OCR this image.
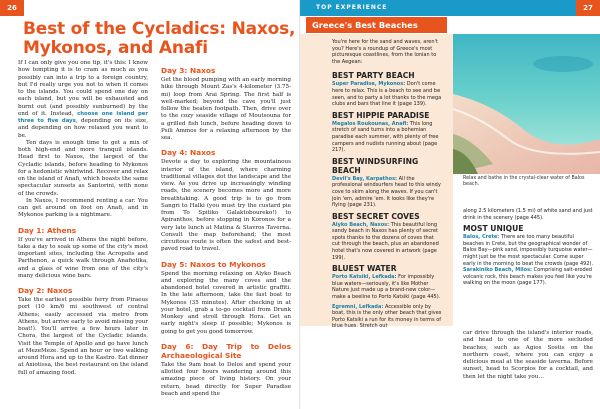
26
Best of the Cycladics: Naxos, Mykonos, and Anafi

If I can only give you one tip, it's this: I know how tempting it is to cram as much as you possibly can into a trip to a foreign country, but I'd really urge you not to when it comes to the islands. You could spend one day on each island, but you will be exhausted and burnt out (and possibly sunburned) by the end of it. Instead, choose one island per three to five days, depending on its size, and depending on how relaxed you want to be.

Ten days is enough time to get a mix of both high-end and more tranquil islands. Head first to Naxos, the largest of the Cycladic islands, before heading to Mykonos for a hedonistic whirlwind. Recover and relax on the island of Anafi, which boasts the same spectacular sunsets as Santorini, with none of the crowds.

In Naxos, I recommend renting a car. You can get around on foot on Anafi, and in Mykonos parking is a nightmare.

Day 1: Athens

If you've arrived in Athens the night before, take a day to soak up some of the city's most important sites, including the Acropolis and Parthenon, a quick walk through Anafiotika, and a glass of wine from one of the city's many delicious wine bars.

Day 2: Naxos

Take the earliest possible ferry from Piraeus port (10 km/6 mi southwest of central Athens; easily accessed via metro from Athens, but arrive early to avoid missing your boat!). You'll arrive a few hours later in Chora, the largest of the Cycladic islands. Visit the Temple of Apollo and go have lunch at MezeMeze. Spend an hour or two walking around Hora and up to the Kastro. Eat dinner at Axiotissa, the best restaurant on the island full of amazing food.

Day 3: Naxos

Get the blood pumping with an early morning hike through Mount Zas's 4-kilometer (3.75-mi) loop from Arai Spring. The first half is well-marked; beyond the cave you'll just follow the beaten footpath. Then, drive over to the cozy seaside village of Moutsouna for a grilled fish lunch, before heading down to Psili Ammos for a relaxing afternoon by the sea.

Day 4: Naxos

Devote a day to exploring the mountainous interior of the island, where charming traditional villages dot the landscape and the view. As you drive up increasingly winding roads, the scenery becomes more and more breathtaking. A good trip is to go from Sangri to Halki (you must try the custard pie from To Spitiko Galaktoboureko!) to Apiranthos, before stopping in Koronos for a very late lunch at Matina & Stavros Taverna. Consult the map beforehand; the most circuitous route is often the safest and best-paved road to travel.

Day 5: Naxos to Mykonos

Spend the morning relaxing on Alyko Beach and exploring the many coves and the abandoned hotel covered in artistic graffiti. In the late afternoon, take the fast boat to Mykonos (35 minutes). After checking in at your hotel, grab a to-go cocktail from Drunk Monkey and stroll through Hora. Get an early night's sleep if possible; Mykonos is going to get you good tomorrow.

Day 6: Day Trip to Delos Archaeological Site

Take the 9am boat to Delos and spend your allotted four hours wandering around this amazing piece of living history. On your return, head directly for Super Paradise beach and spend the

TOP EXPERIENCE	27
Greece's Best Beaches
You're here for the sand and waves, aren't you? Here's a roundup of Greece's most picturesque coastlines, from the Ionian to the Aegean:
BEST PARTY BEACH
Super Paradise, Mykonos: Don't come here to relax. This is a beach to see and be seen, and to party a lot thanks to the mega clubs and bars that line it (page 139).
BEST HIPPIE PARADISE
Megalos Roukounas, Anafi: This long stretch of sand turns into a bohemian paradise each summer, with plenty of free campers and nudists running about (page 217).
BEST WINDSURFING BEACH
Devil's Bay, Karpathos: All the professional windsurfers head to this windy cove to skim along the waves. If you can't join 'em, admire 'em. It looks like they're flying (page 231).
BEST SECRET COVES
Alyko Beach, Naxos: This beautiful long sandy beach in Naxos has plenty of secret spots thanks to the dozens of coves that cut through the beach, plus an abandoned hotel that's now covered in artwork (page 199).
BLUEST WATER
Porto Katsiki, Lefkada: For impossibly blue waters—seriously, it's like Mother Nature just made up a brand-new color—make a beeline to Porto Katsiki (page 445).
Egremni, Lefkada: Accessible only by boat, this is the only other beach that gives Porto Katsiki a run for its money in terms of blue hues. Stretch out
Relax and bathe in the crystal-clear water of Balos beach.
along 2.5 kilometers (1.5 mi) of white sand and just drink in the scenery (page 445).
MOST UNIQUE
Balos, Crete: There are too many beautiful beaches in Crete, but the geographical wonder of Balos Bay—pink sand, impossibly turquoise water—might just be the most spectacular. Come super early in the morning to beat the crowds (page 492).
Sarakiniko Beach, Milos: Comprising salt-eroded volcanic rock, this beach makes you feel like you're walking on the moon (page 177).

car drive through the island's interior roads, and head to one of the more secluded beaches, such as Agios Sostis on the northern coast, where you can enjoy a delicious meal at the seaside taverna. Before sunset, head to Scorpios for a cocktail, and then let the night take you…
